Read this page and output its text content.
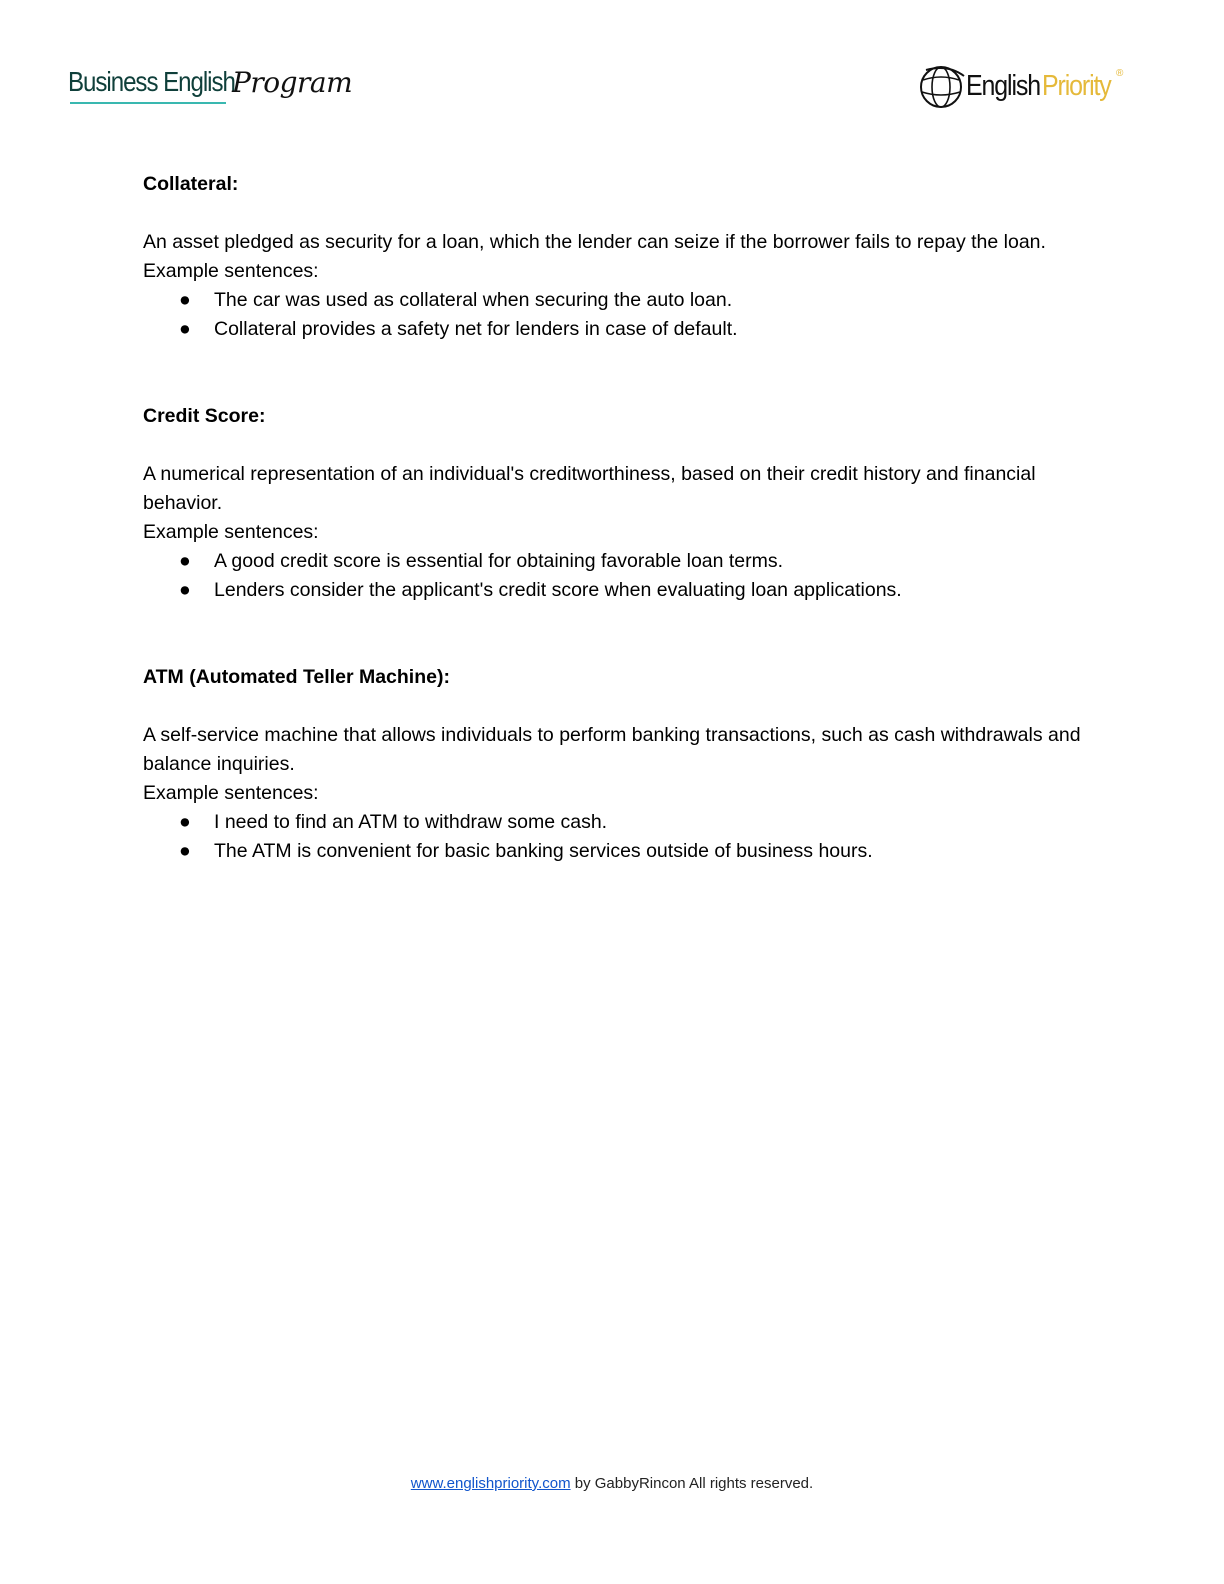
Business English
Program	English Priority ®

Collateral:

An asset pledged as security for a loan, which the lender can seize if the borrower fails to repay the loan.

Example sentences:

● The car was used as collateral when securing the auto loan.
● Collateral provides a safety net for lenders in case of default.

Credit Score:

A numerical representation of an individual's creditworthiness, based on their credit history and financial behavior.

Example sentences:

● A good credit score is essential for obtaining favorable loan terms.
● Lenders consider the applicant's credit score when evaluating loan applications.

ATM (Automated Teller Machine):

A self-service machine that allows individuals to perform banking transactions, such as cash withdrawals and balance inquiries.

Example sentences:

● I need to find an ATM to withdraw some cash.
● The ATM is convenient for basic banking services outside of business hours.
www.englishpriority.com by GabbyRincon All rights reserved.
